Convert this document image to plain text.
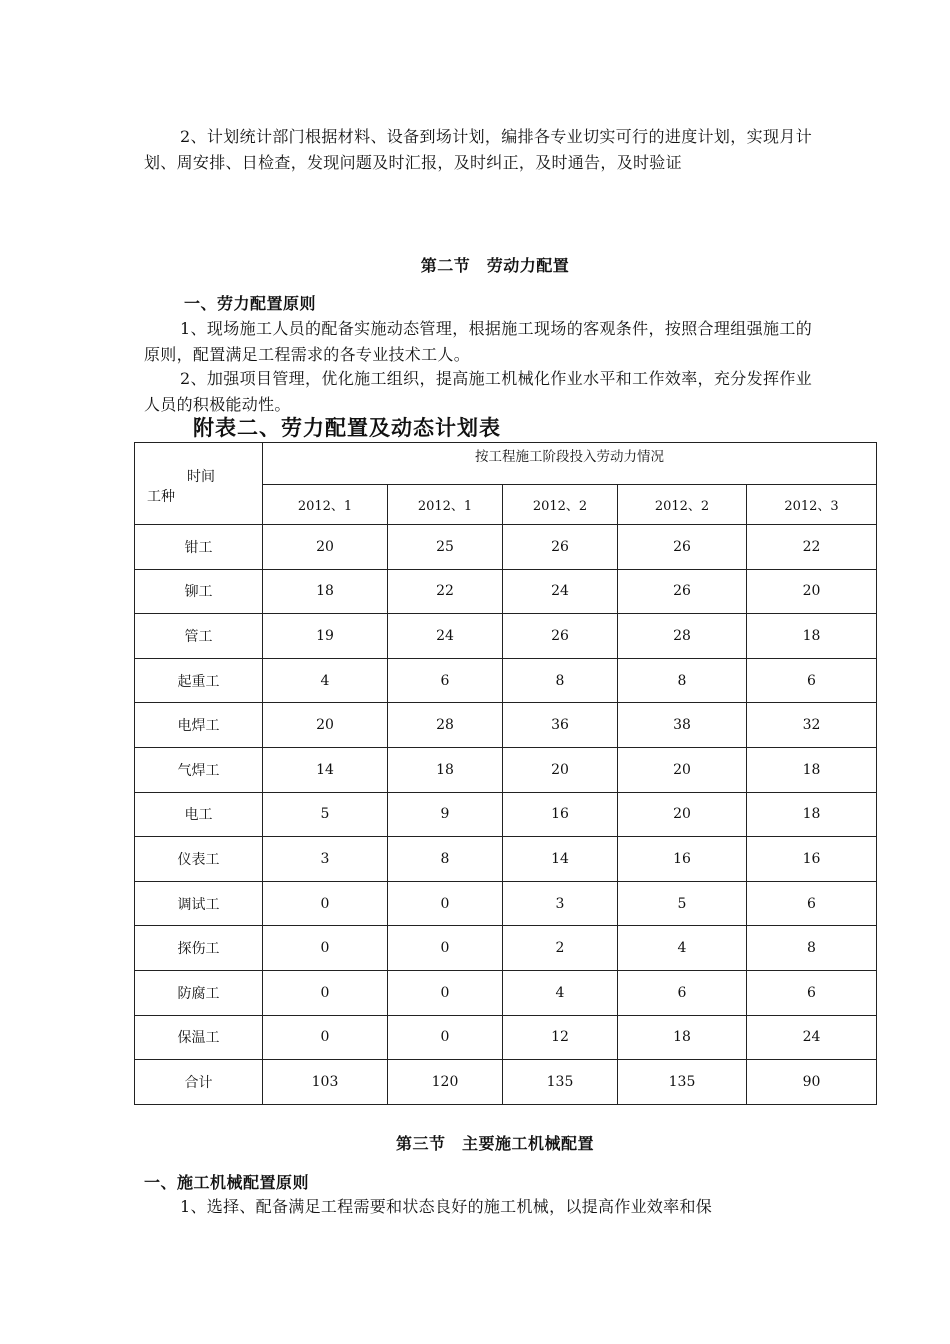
2、计划统计部门根据材料、设备到场计划，编排各专业切实可行的进度计划，实现月计划、周安排、日检查，发现问题及时汇报，及时纠正，及时通告，及时验证

第二节　劳动力配置
一、劳力配置原则

1、现场施工人员的配备实施动态管理，根据施工现场的客观条件，按照合理组强施工的原则，配置满足工程需求的各专业技术工人。

2、加强项目管理，优化施工组织，提高施工机械化作业水平和工作效率，充分发挥作业人员的积极能动性。

附表二、劳力配置及动态计划表
时间
工种	按工程施工阶段投入劳动力情况				
	2012、1	2012、1	2012、2	2012、2	2012、3
钳工	20	25	26	26	22
铆工	18	22	24	26	20
管工	19	24	26	28	18
起重工	4	6	8	8	6
电焊工	20	28	36	38	32
气焊工	14	18	20	20	18
电工	5	9	16	20	18
仪表工	3	8	14	16	16
调试工	0	0	3	5	6
探伤工	0	0	2	4	8
防腐工	0	0	4	6	6
保温工	0	0	12	18	24
合计	103	120	135	135	90
第三节　主要施工机械配置
一、施工机械配置原则

1、选择、配备满足工程需要和状态良好的施工机械，以提高作业效率和保
